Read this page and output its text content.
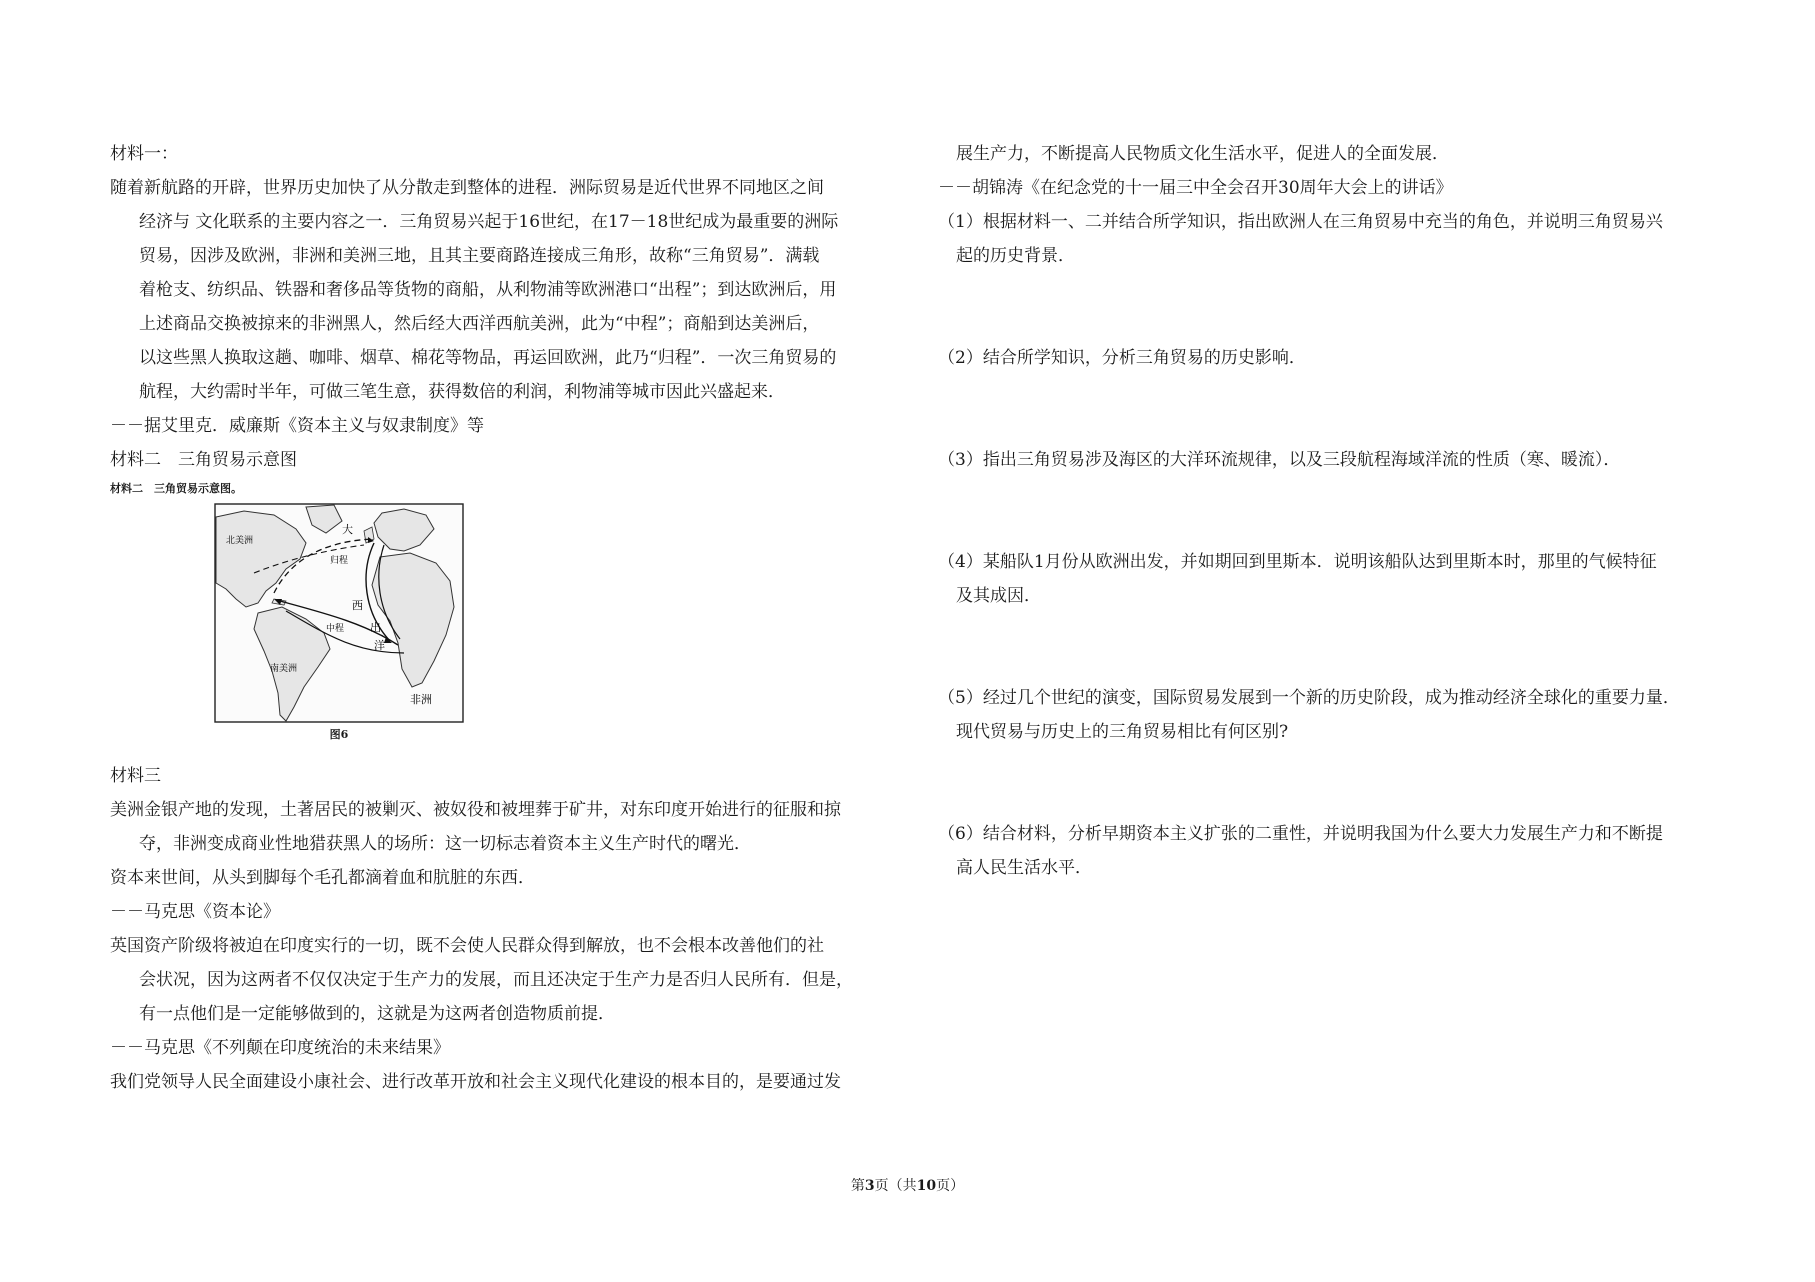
材料一：

随着新航路的开辟，世界历史加快了从分散走到整体的进程．洲际贸易是近代世界不同地区之间

经济与 文化联系的主要内容之一．三角贸易兴起于16世纪，在17－18世纪成为最重要的洲际

贸易，因涉及欧洲，非洲和美洲三地，且其主要商路连接成三角形，故称“三角贸易”．满载

着枪支、纺织品、铁器和奢侈品等货物的商船，从利物浦等欧洲港口“出程”；到达欧洲后，用

上述商品交换被掠来的非洲黑人，然后经大西洋西航美洲，此为“中程”；商船到达美洲后，

以这些黑人换取这趟、咖啡、烟草、棉花等物品，再运回欧洲，此乃“归程”．一次三角贸易的

航程，大约需时半年，可做三笔生意，获得数倍的利润，利物浦等城市因此兴盛起来．

－－据艾里克．威廉斯《资本主义与奴隶制度》等

材料二　三角贸易示意图

材料二　三角贸易示意图。
北美洲
大
归程
西
出
洋
中程
南美洲
非洲
图6

材料三

美洲金银产地的发现，土著居民的被剿灭、被奴役和被埋葬于矿井，对东印度开始进行的征服和掠

夺，非洲变成商业性地猎获黑人的场所：这一切标志着资本主义生产时代的曙光．

资本来世间，从头到脚每个毛孔都滴着血和肮脏的东西．

－－马克思《资本论》

英国资产阶级将被迫在印度实行的一切，既不会使人民群众得到解放，也不会根本改善他们的社

会状况，因为这两者不仅仅决定于生产力的发展，而且还决定于生产力是否归人民所有．但是，

有一点他们是一定能够做到的，这就是为这两者创造物质前提．

－－马克思《不列颠在印度统治的未来结果》

我们党领导人民全面建设小康社会、进行改革开放和社会主义现代化建设的根本目的，是要通过发

展生产力，不断提高人民物质文化生活水平，促进人的全面发展．

－－胡锦涛《在纪念党的十一届三中全会召开30周年大会上的讲话》

（1）根据材料一、二并结合所学知识，指出欧洲人在三角贸易中充当的角色，并说明三角贸易兴

起的历史背景．

（2）结合所学知识，分析三角贸易的历史影响．

（3）指出三角贸易涉及海区的大洋环流规律，以及三段航程海域洋流的性质（寒、暖流）．

（4）某船队1月份从欧洲出发，并如期回到里斯本．说明该船队达到里斯本时，那里的气候特征

及其成因．

（5）经过几个世纪的演变，国际贸易发展到一个新的历史阶段，成为推动经济全球化的重要力量．

现代贸易与历史上的三角贸易相比有何区别?

（6）结合材料，分析早期资本主义扩张的二重性，并说明我国为什么要大力发展生产力和不断提

高人民生活水平．

第3页（共10页）
